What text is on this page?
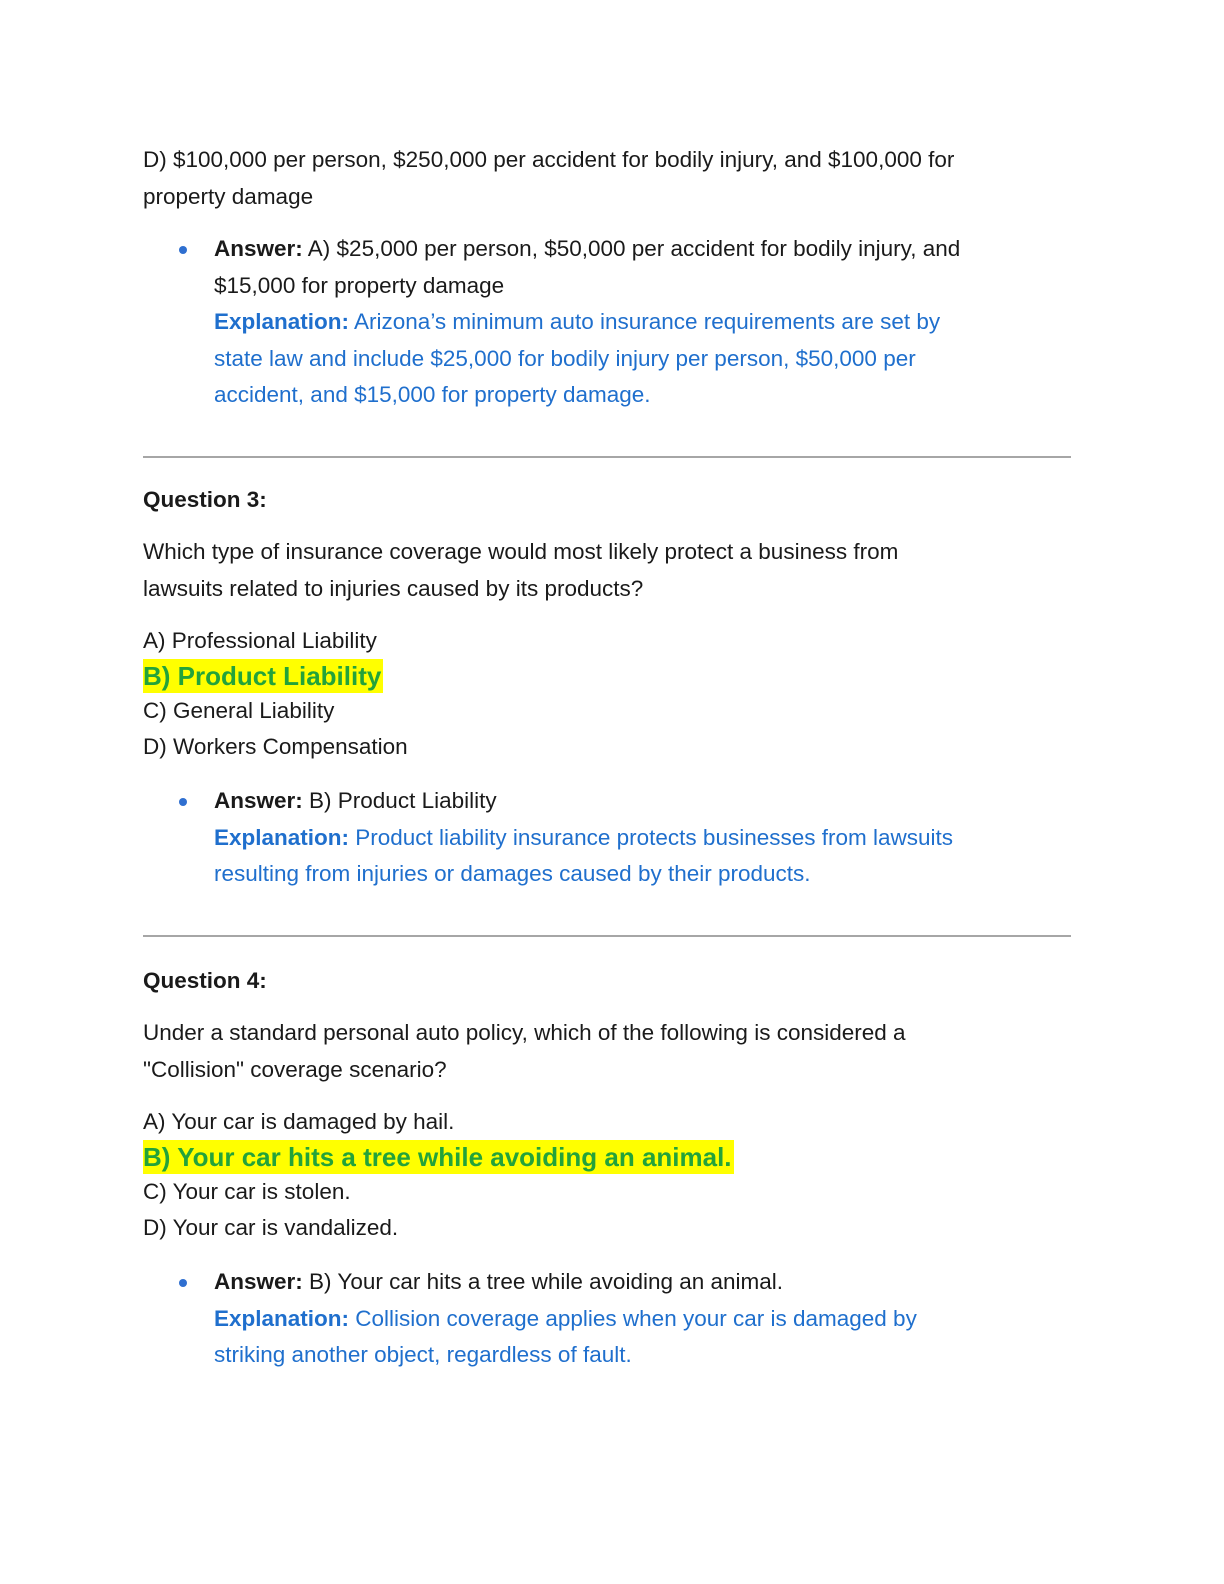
D) $100,000 per person, $250,000 per accident for bodily injury, and $100,000 for
property damage
Answer: A) $25,000 per person, $50,000 per accident for bodily injury, and
$15,000 for property damage
Explanation: Arizona’s minimum auto insurance requirements are set by
state law and include $25,000 for bodily injury per person, $50,000 per
accident, and $15,000 for property damage.
Question 3:
Which type of insurance coverage would most likely protect a business from
lawsuits related to injuries caused by its products?
A) Professional Liability
B) Product Liability
C) General Liability
D) Workers Compensation
Answer: B) Product Liability
Explanation: Product liability insurance protects businesses from lawsuits
resulting from injuries or damages caused by their products.
Question 4:
Under a standard personal auto policy, which of the following is considered a
"Collision" coverage scenario?
A) Your car is damaged by hail.
B) Your car hits a tree while avoiding an animal.
C) Your car is stolen.
D) Your car is vandalized.
Answer: B) Your car hits a tree while avoiding an animal.
Explanation: Collision coverage applies when your car is damaged by
striking another object, regardless of fault.
